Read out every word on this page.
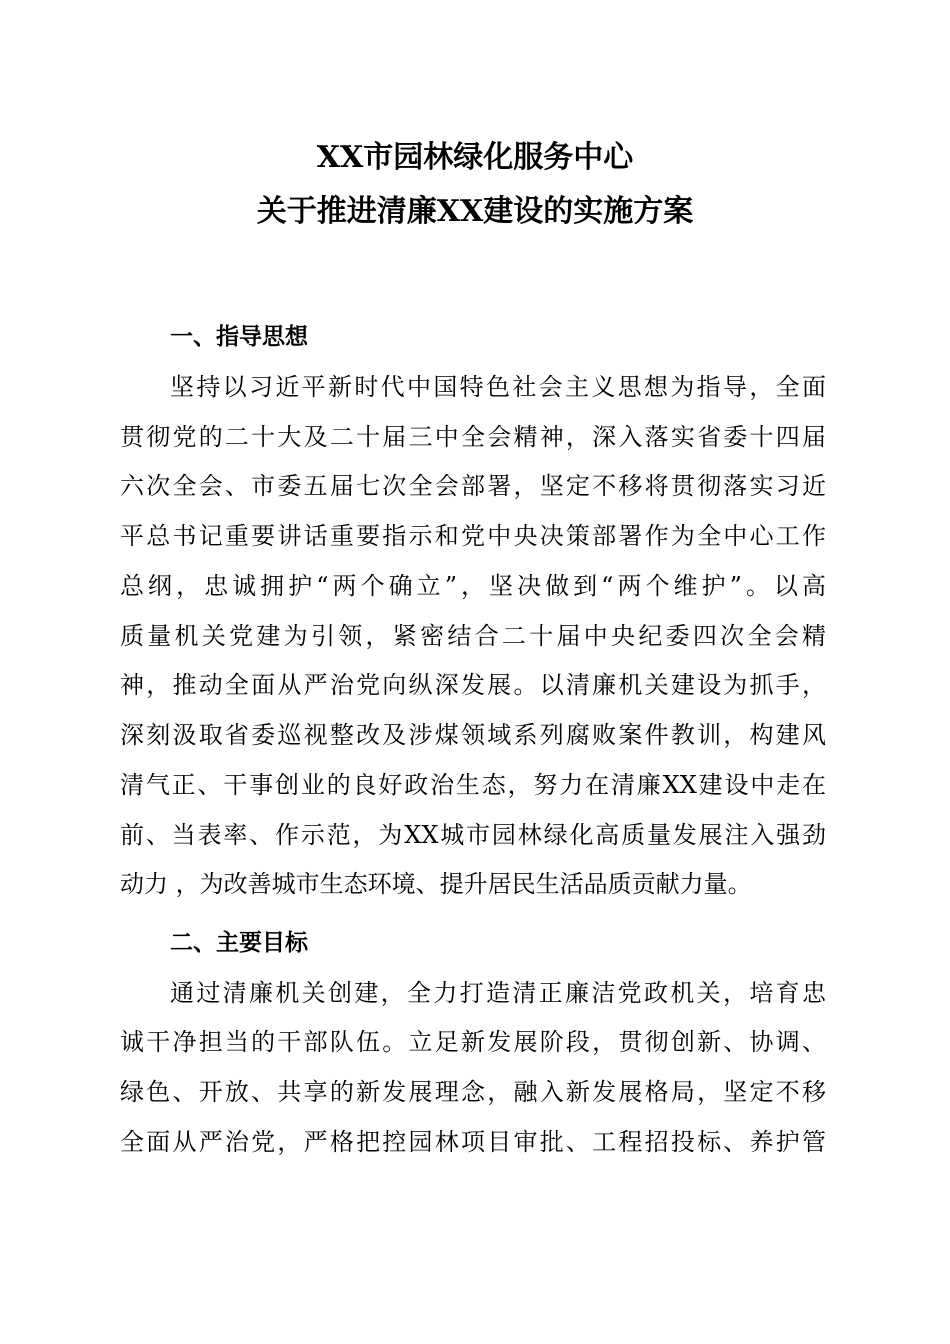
XX市园林绿化服务中心
关于推进清廉XX建设的实施方案
一、指导思想
坚持以习近平新时代中国特色社会主义思想为指导，全面
贯彻党的二十大及二十届三中全会精神，深入落实省委十四届
六次全会、市委五届七次全会部署，坚定不移将贯彻落实习近
平总书记重要讲话重要指示和党中央决策部署作为全中心工作
总纲，忠诚拥护“两个确立”，坚决做到“两个维护”。以高
质量机关党建为引领，紧密结合二十届中央纪委四次全会精
神，推动全面从严治党向纵深发展。以清廉机关建设为抓手，
深刻汲取省委巡视整改及涉煤领域系列腐败案件教训，构建风
清气正、干事创业的良好政治生态，努力在清廉XX建设中走在
前、当表率、作示范，为XX城市园林绿化高质量发展注入强劲
动力 ，为改善城市生态环境、提升居民生活品质贡献力量。
二、主要目标
通过清廉机关创建，全力打造清正廉洁党政机关，培育忠
诚干净担当的干部队伍。立足新发展阶段，贯彻创新、协调、
绿色、开放、共享的新发展理念，融入新发展格局，坚定不移
全面从严治党，严格把控园林项目审批、工程招投标、养护管
